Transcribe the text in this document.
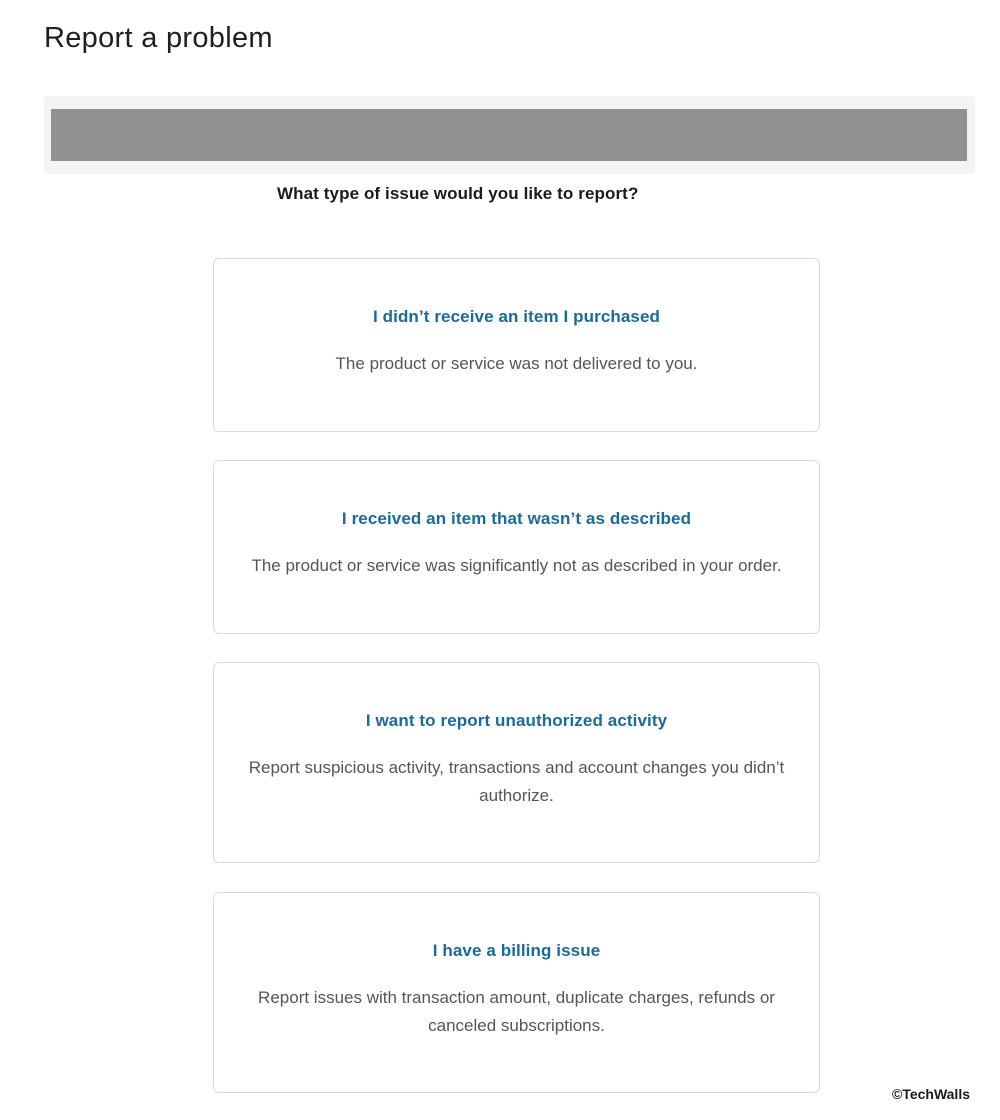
Report a problem

What type of issue would you like to report?

I didn’t receive an item I purchased
The product or service was not delivered to you.
I received an item that wasn’t as described
The product or service was significantly not as described in your order.
I want to report unauthorized activity
Report suspicious activity, transactions and account changes you didn’t authorize.
I have a billing issue
Report issues with transaction amount, duplicate charges, refunds or canceled subscriptions.
©TechWalls
